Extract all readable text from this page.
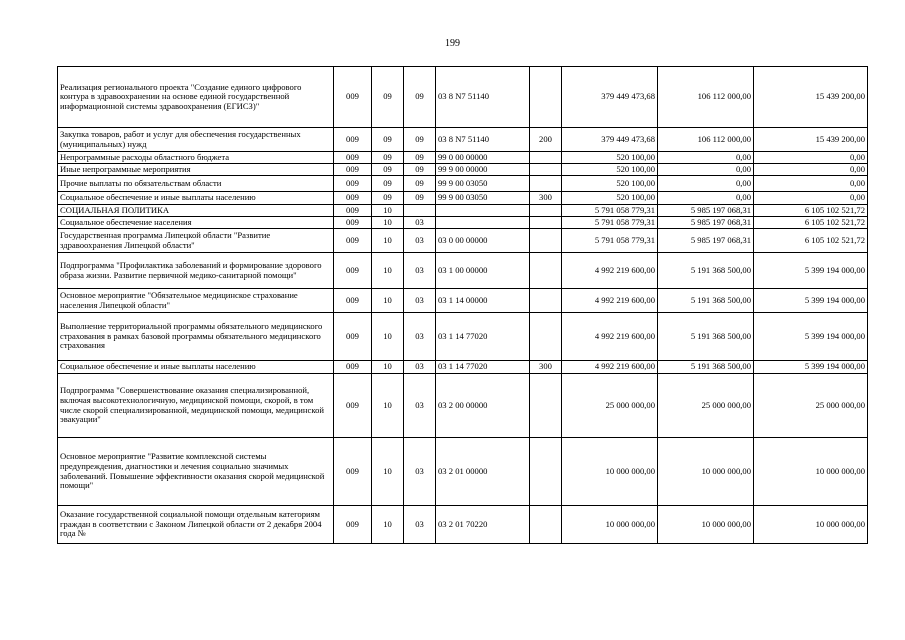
199
Реализация регионального проекта "Создание единого цифрового контура в здравоохранении на основе единой государственной информационной системы здравоохранения (ЕГИСЗ)"	009	09	09	03 8 N7 51140		379 449 473,68	106 112 000,00	15 439 200,00
Закупка товаров, работ и услуг для обеспечения государственных (муниципальных) нужд	009	09	09	03 8 N7 51140	200	379 449 473,68	106 112 000,00	15 439 200,00
Непрограммные расходы областного бюджета	009	09	09	99 0 00 00000		520 100,00	0,00	0,00
Иные непрограммные мероприятия	009	09	09	99 9 00 00000		520 100,00	0,00	0,00
Прочие выплаты по обязательствам области	009	09	09	99 9 00 03050		520 100,00	0,00	0,00
Социальное обеспечение и иные выплаты населению	009	09	09	99 9 00 03050	300	520 100,00	0,00	0,00
СОЦИАЛЬНАЯ ПОЛИТИКА	009	10				5 791 058 779,31	5 985 197 068,31	6 105 102 521,72
Социальное обеспечение населения	009	10	03			5 791 058 779,31	5 985 197 068,31	6 105 102 521,72
Государственная программа Липецкой области "Развитие здравоохранения Липецкой области"	009	10	03	03 0 00 00000		5 791 058 779,31	5 985 197 068,31	6 105 102 521,72
Подпрограмма "Профилактика заболеваний и формирование здорового образа жизни. Развитие первичной медико-санитарной помощи"	009	10	03	03 1 00 00000		4 992 219 600,00	5 191 368 500,00	5 399 194 000,00
Основное мероприятие "Обязательное медицинское страхование населения Липецкой области"	009	10	03	03 1 14 00000		4 992 219 600,00	5 191 368 500,00	5 399 194 000,00
Выполнение территориальной программы обязательного медицинского страхования в рамках базовой программы обязательного медицинского страхования	009	10	03	03 1 14 77020		4 992 219 600,00	5 191 368 500,00	5 399 194 000,00
Социальное обеспечение и иные выплаты населению	009	10	03	03 1 14 77020	300	4 992 219 600,00	5 191 368 500,00	5 399 194 000,00
Подпрограмма "Совершенствование оказания специализированной, включая высокотехнологичную, медицинской помощи, скорой, в том числе скорой специализированной, медицинской помощи, медицинской эвакуации"	009	10	03	03 2 00 00000		25 000 000,00	25 000 000,00	25 000 000,00
Основное мероприятие "Развитие комплексной системы предупреждения, диагностики и лечения социально значимых заболеваний. Повышение эффективности оказания скорой медицинской помощи"	009	10	03	03 2 01 00000		10 000 000,00	10 000 000,00	10 000 000,00
Оказание государственной социальной помощи отдельным категориям граждан в соответствии с Законом Липецкой области от 2 декабря 2004 года №	009	10	03	03 2 01 70220		10 000 000,00	10 000 000,00	10 000 000,00
